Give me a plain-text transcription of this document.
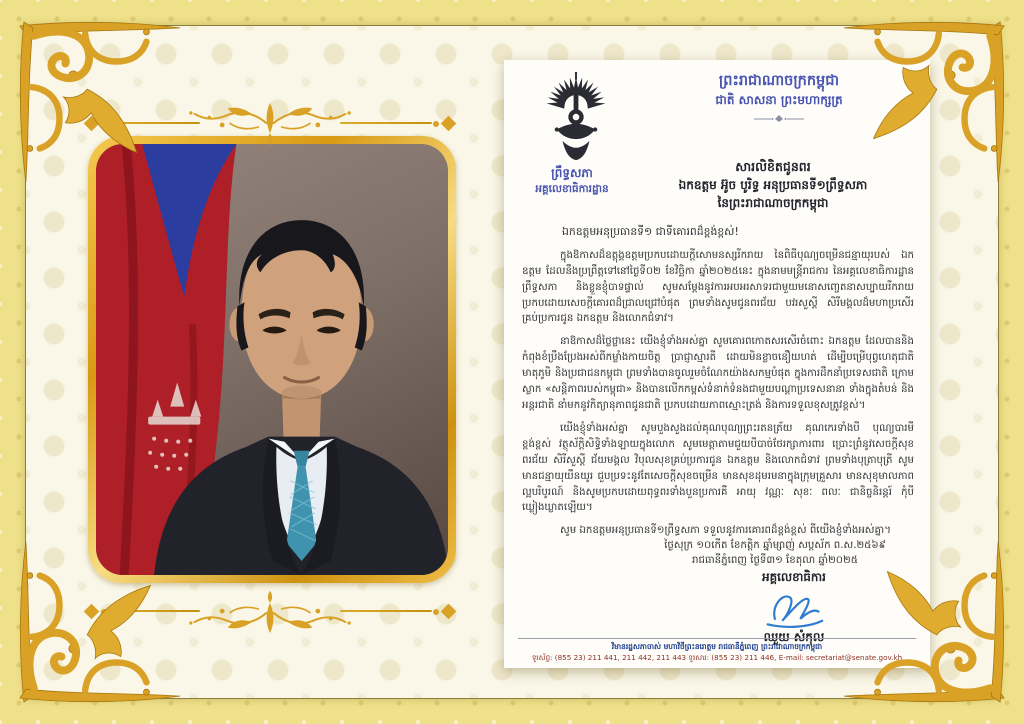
ព្រឹទ្ធសភា
អគ្គលេខាធិការដ្ឋាន
ព្រះរាជាណាចក្រកម្ពុជា
ជាតិ សាសនា ព្រះមហាក្សត្រ
សារលិខិតជូនពរ
ឯកឧត្តម អ៊ូច បូរិទ្ធ អនុប្រធានទី១ព្រឹទ្ធសភា
នៃព្រះរាជាណាចក្រកម្ពុជា
ឯកឧត្តមអនុប្រធានទី១ ជាទីគោរពដ៏ខ្ពង់ខ្ពស់!

ក្នុងឱកាសដ៏ឧត្តុង្គឧត្តមប្រកបដោយក្ដីសោមនស្សរីករាយ នៃពិធីបុណ្យចម្រើនជន្មាយុរបស់ ឯកឧត្តម ដែលនឹងប្រព្រឹត្តទៅនៅថ្ងៃទី០២ ខែវិច្ឆិកា ឆ្នាំ២០២៥នេះ ក្នុងនាមមន្ត្រីរាជការ នៃអគ្គលេខាធិការដ្ឋានព្រឹទ្ធសភា និងខ្លួនខ្ញុំបាទផ្ទាល់ សូមសម្ដែងនូវការអបអរសាទរជាមួយមនោសញ្ចេតនាសប្បាយរីករាយ ប្រកបដោយសេចក្ដីគោរពដ៏ជ្រាលជ្រៅបំផុត ព្រមទាំងសូមជូនពរជ័យ បវរសួស្ដី សិរីមង្គលដ៏មហាប្រសើរ គ្រប់ប្រការជូន ឯកឧត្តម និងលោកជំទាវ។

នាឱកាសដ៏ថ្លៃថ្លានេះ យើងខ្ញុំទាំងអស់គ្នា សូមគោរពកោតសរសើរចំពោះ ឯកឧត្តម ដែលបាននិងកំពុងខំប្រឹងប្រែងអស់ពីកម្លាំងកាយចិត្ត ប្រាជ្ញាស្មារតី ដោយមិនខ្លាចនឿយហត់ ដើម្បីបម្រើបុព្វហេតុជាតិ មាតុភូមិ និងប្រជាជនកម្ពុជា ព្រមទាំងបានចូលរួមចំណែកយ៉ាងសកម្មបំផុត ក្នុងការដឹកនាំប្រទេសជាតិ ក្រោមស្លាក «សន្តិភាពរបស់កម្ពុជា» និងបានលើកកម្ពស់ទំនាក់ទំនងជាមួយបណ្ដាប្រទេសនានា ទាំងក្នុងតំបន់ និងអន្តរជាតិ នាំមកនូវកិត្យានុភាពជូនជាតិ ប្រកបដោយភាពស្មោះត្រង់ និងការទទួលខុសត្រូវខ្ពស់។

យើងខ្ញុំទាំងអស់គ្នា សូមបួងសួងដល់គុណបុណ្យព្រះរតនត្រ័យ គុណកេរទាំងបី បុណ្យបារមីខ្ពង់ខ្ពស់ វត្ថុស័ក្តិសិទ្ធិទាំងឡាយក្នុងលោក សូមមេត្តាតាមជួយបីបាច់ថែរក្សាការពារ ប្រោះព្រំនូវសេចក្ដីសុខ ពរជ័យ សិរីសួស្ដី ជ័យមង្គល វិបុលសុខគ្រប់ប្រការជូន ឯកឧត្តម និងលោកជំទាវ ព្រមទាំងបុត្រាបុត្រី សូមមានជន្មាយុយឺនយូរ ជួបប្រទះនូវតែសេចក្ដីសុខចម្រើន មានសុខដុមរមនាក្នុងក្រុមគ្រួសារ មានសុខុមាលភាពល្អបរិបូរណ៍ និងសូមប្រកបដោយពុទ្ធពរទាំងបួនប្រការគឺ អាយុ វណ្ណៈ សុខៈ ពលៈ ជានិច្ចនិរន្តរ៍ កុំបីឃ្លៀងឃ្លាតឡើយ។

សូម ឯកឧត្តមអនុប្រធានទី១ព្រឹទ្ធសភា ទទួលនូវការគោរពដ៏ខ្ពង់ខ្ពស់ ពីយើងខ្ញុំទាំងអស់គ្នា។

ថ្ងៃសុក្រ ១០កើត ខែកត្តិក ឆ្នាំម្សាញ់ សប្តស័ក ព.ស.២៥៦៩
រាជធានីភ្នំពេញ ថ្ងៃទី៣១ ខែតុលា ឆ្នាំ២០២៥
អគ្គលេខាធិការ
ឈួយ សំកុល
វិមានរដ្ឋសភាចាស់ មហាវិថីព្រះនរោត្តម រាជធានីភ្នំពេញ ព្រះរាជាណាចក្រកម្ពុជា
ទូរស័ព្ទ: (855 23) 211 441, 211 442, 211 443 ទូរសារ: (855 23) 211 446, E-mail: secretariat@senate.gov.kh
